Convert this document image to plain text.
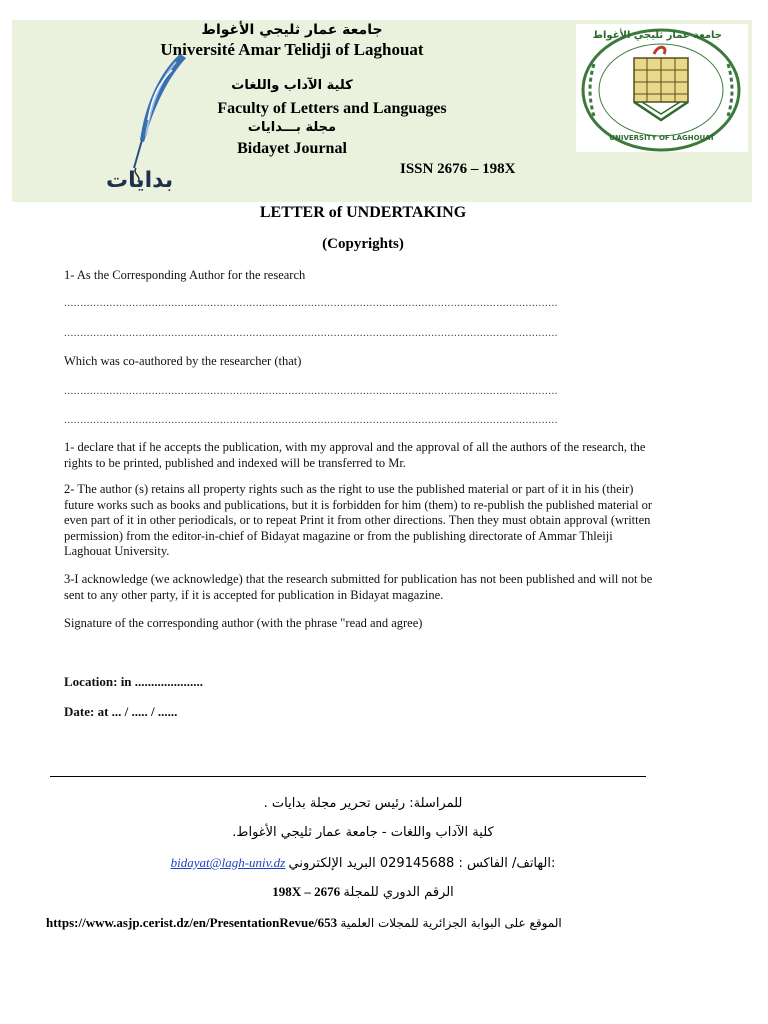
جامعة عمار ثليجي الأغواط
Université Amar Telidji of Laghouat
كلية الآداب واللغات
Faculty of Letters and Languages
مجلة بـــدايات
Bidayet Journal
ISSN 2676 – 198X
بدايات
جامعة عمار ثليجي الأغواط
UNIVERSITY OF LAGHOUAT
LETTER of UNDERTAKING
(Copyrights)
1- As the Corresponding Author for the research
........................................................................................................................................................
........................................................................................................................................................
Which was co-authored by the researcher (that)
........................................................................................................................................................
........................................................................................................................................................
1- declare that if he accepts the publication, with my approval and the approval of all the authors of the research, the rights to be printed, published and indexed will be transferred to Mr.
2- The author (s) retains all property rights such as the right to use the published material or part of it in his (their) future works such as books and publications, but it is forbidden for him (them) to re-publish the published material or even part of it in other periodicals, or to repeat Print it from other directions. Then they must obtain approval (written permission) from the editor-in-chief of Bidayat magazine or from the publishing directorate of Ammar Thleiji Laghouat University.
3-I acknowledge (we acknowledge) that the research submitted for publication has not been published and will not be sent to any other party, if it is accepted for publication in Bidayat magazine.
Signature of the corresponding author (with the phrase "read and agree)
Location: in .....................
Date: at ... / ..... / ......
للمراسلة: رئيس تحرير مجلة بدايات .
كلية الآداب واللغات - جامعة عمار ثليجي الأغواط.
bidayat@lagh-univ.dz الهاتف/ الفاكس : 029145688 البريد الإلكتروني:
198X – 2676 الرقم الدوري للمجلة
https://www.asjp.cerist.dz/en/PresentationRevue/653 الموقع على البوابة الجزائرية للمجلات العلمية
